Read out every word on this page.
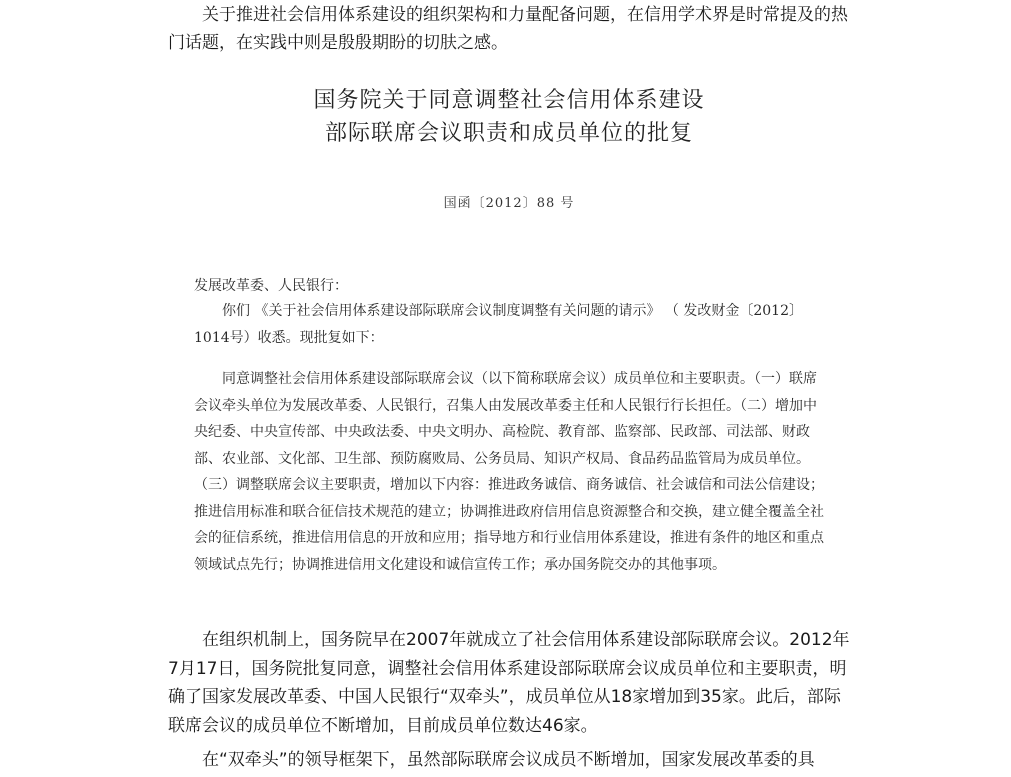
关于推进社会信用体系建设的组织架构和力量配备问题，在信用学术界是时常提及的热门话题，在实践中则是殷殷期盼的切肤之感。

国务院关于同意调整社会信用体系建设
部际联席会议职责和成员单位的批复
国函〔2012〕88 号
发展改革委、人民银行：

你们 《关于社会信用体系建设部际联席会议制度调整有关问题的请示》 （ 发改财金〔2012〕1014号）收悉。现批复如下：

同意调整社会信用体系建设部际联席会议（以下简称联席会议）成员单位和主要职责。（一）联席会议牵头单位为发展改革委、人民银行，召集人由发展改革委主任和人民银行行长担任。（二）增加中央纪委、中央宣传部、中央政法委、中央文明办、高检院、教育部、监察部、民政部、司法部、财政部、农业部、文化部、卫生部、预防腐败局、公务员局、知识产权局、食品药品监管局为成员单位。（三）调整联席会议主要职责，增加以下内容：推进政务诚信、商务诚信、社会诚信和司法公信建设；推进信用标准和联合征信技术规范的建立；协调推进政府信用信息资源整合和交换，建立健全覆盖全社会的征信系统，推进信用信息的开放和应用；指导地方和行业信用体系建设，推进有条件的地区和重点领域试点先行；协调推进信用文化建设和诚信宣传工作；承办国务院交办的其他事项。

在组织机制上，国务院早在2007年就成立了社会信用体系建设部际联席会议。2012年7月17日，国务院批复同意，调整社会信用体系建设部际联席会议成员单位和主要职责，明确了国家发展改革委、中国人民银行“双牵头”，成员单位从18家增加到35家。此后，部际联席会议的成员单位不断增加，目前成员单位数达46家。

在“双牵头”的领导框架下，虽然部际联席会议成员不断增加，国家发展改革委的具
